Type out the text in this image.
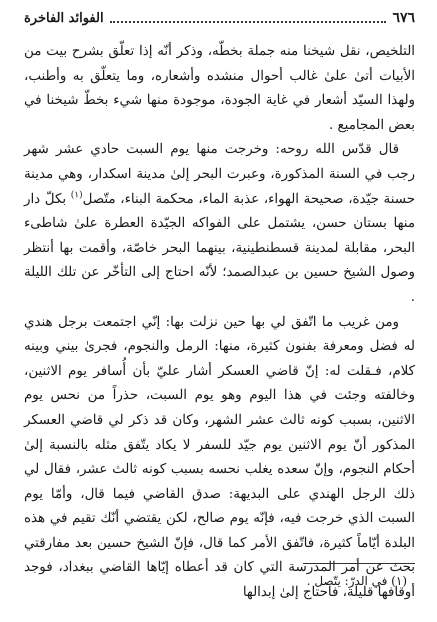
٦٧٦
الفوائد الفاخرة

التلخيص، نقل شيخنا منه جملة بخطّه، وذكر أنّه إذا تعلّق بشرح بيت من الأبيات أتىٰ علىٰ غالب أحوال منشده وأشعاره، وما يتعلّق به وأطنب، ولهذا السيّد أشعار في غاية الجودة، موجودة منها شيء بخطّ شيخنا في بعض المجاميع .

قال قدّس الله روحه: وخرجت منها يوم السبت حادي عشر شهر رجب في السنة المذكورة، وعبرت البحر إلىٰ مدينة اسكدار، وهي مدينة حسنة جيّدة، صحيحة الهواء، عذبة الماء، محكمة البناء، متّصل$^{(١)}$ بكلّ دار منها بستان حسن، يشتمل على الفواكه الجيّدة العطرة علىٰ شاطىء البحر، مقابلة لمدينة قسطنطينية، بينهما البحر خاصّة، وأقمت بها أنتظر وصول الشيخ حسين بن عبدالصمد؛ لأنّه احتاج إلى التأخّر عن تلك الليلة .

ومن غريب ما اتّفق لي بها حين نزلت بها: إنّي اجتمعت برجل هندي له فضل ومعرفة بفنون كثيرة، منها: الرمل والنجوم، فجرىٰ بيني وبينه كلام، فـقلت له: إنّ قاضي العسكر أشار عليّ بأن أُسافر يوم الاثنين، وخالفته وجئت في هذا اليوم وهو يوم السبت، حذراً من نحس يوم الاثنين، بسبب كونه ثالث عشر الشهر، وكان قد ذكر لي قاضي العسكر المذكور أنّ يوم الاثنين يوم جيّد للسفر لا يكاد يتّفق مثله بالنسبة إلىٰ أحكام النجوم، وإنّ سعده يغلب نحسه بسبب كونه ثالث عشر، فقال لي ذلك الرجل الهندي على البديهة: صدق القاضي فيما قال، وأمّا يوم السبت الذي خرجت فيه، فإنّه يوم صالح، لكن يقتضي أنّك تقيم في هذه البلدة أيّاماً كثيرة، فاتّفق الأمر كما قال، فإنّ الشيخ حسين بعد مفارقتي بحث عن أمر المدرسة التي كان قد أعطاه إيّاها القاضي ببغداد، فوجد أوقافها قليلة، فاحتاج إلىٰ إبدالها

(١) في الدرّ: يتّصل .
